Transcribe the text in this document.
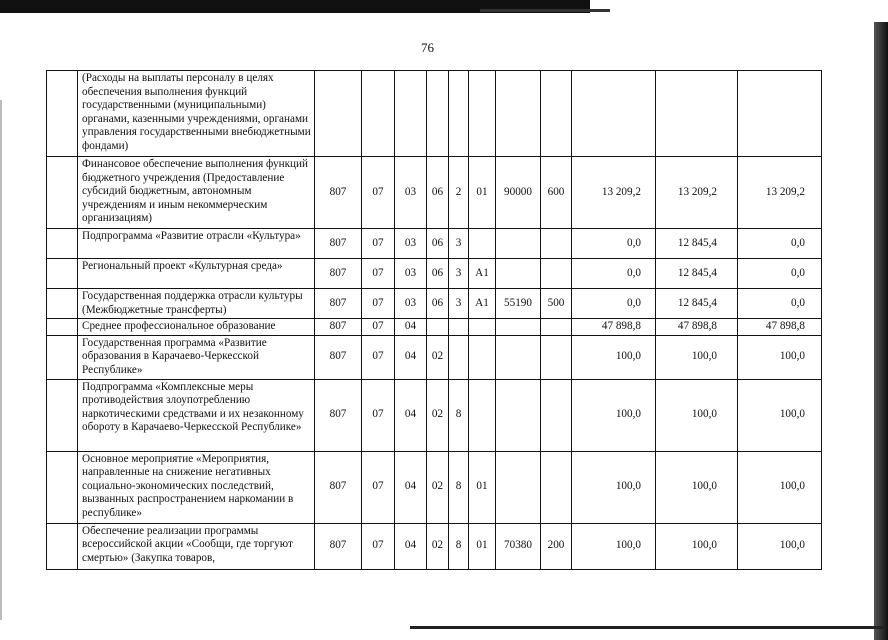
76
	(Расходы на выплаты персоналу в целях обеспечения выполнения функций государственными (муниципальными) органами, казенными учреждениями, органами управления государственными внебюджетными фондами)											
	Финансовое обеспечение выполнения функций бюджетного учреждения (Предоставление субсидий бюджетным, автономным учреждениям и иным некоммерческим организациям)	807	07	03	06	2	01	90000	600	13 209,2	13 209,2	13 209,2
	Подпрограмма «Развитие отрасли «Культура»	807	07	03	06	3				0,0	12 845,4	0,0
	Региональный проект «Культурная среда»	807	07	03	06	3	А1			0,0	12 845,4	0,0
	Государственная поддержка отрасли культуры (Межбюджетные трансферты)	807	07	03	06	3	А1	55190	500	0,0	12 845,4	0,0
	Среднее профессиональное образование	807	07	04						47 898,8	47 898,8	47 898,8
	Государственная программа «Развитие образования в Карачаево-Черкесской Республике»	807	07	04	02					100,0	100,0	100,0
	Подпрограмма «Комплексные меры противодействия злоупотреблению наркотическими средствами и их незаконному обороту в Карачаево-Черкесской Республике»	807	07	04	02	8				100,0	100,0	100,0
	Основное мероприятие «Мероприятия, направленные на снижение негативных социально-экономических последствий, вызванных распространением наркомании в республике»	807	07	04	02	8	01			100,0	100,0	100,0
	Обеспечение реализации программы всероссийской акции «Сообщи, где торгуют смертью» (Закупка товаров,	807	07	04	02	8	01	70380	200	100,0	100,0	100,0
